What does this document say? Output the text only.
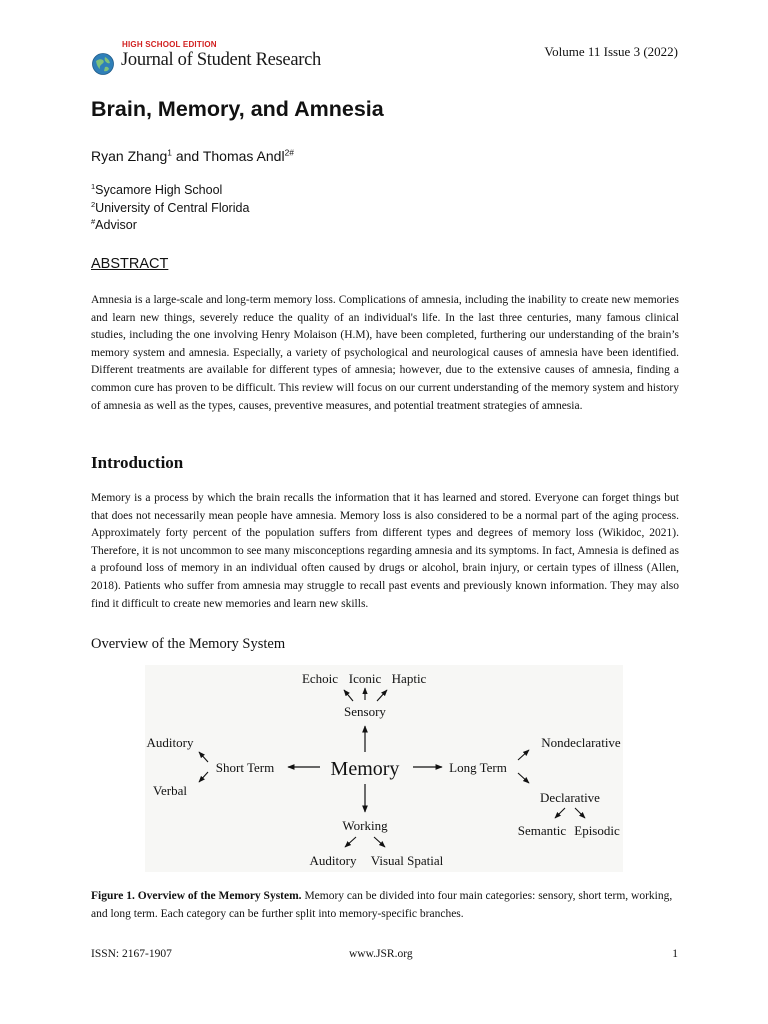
HIGH SCHOOL EDITION
Journal of Student Research	Volume 11 Issue 3 (2022)
Brain, Memory, and Amnesia
Ryan Zhang$^1$ and Thomas Andl$^{2\#}$
$^1$Sycamore High School
$^2$University of Central Florida
#Advisor
ABSTRACT
Amnesia is a large-scale and long-term memory loss. Complications of amnesia, including the inability to create new memories and learn new things, severely reduce the quality of an individual's life. In the last three centuries, many famous clinical studies, including the one involving Henry Molaison (H.M), have been completed, furthering our understanding of the brain’s memory system and amnesia. Especially, a variety of psychological and neurological causes of amnesia have been identified. Different treatments are available for different types of amnesia; however, due to the extensive causes of amnesia, finding a common cure has proven to be difficult. This review will focus on our current understanding of the memory system and history of amnesia as well as the types, causes, preventive measures, and potential treatment strategies of amnesia.
Introduction
Memory is a process by which the brain recalls the information that it has learned and stored. Everyone can forget things but that does not necessarily mean people have amnesia. Memory loss is also considered to be a normal part of the aging process. Approximately forty percent of the population suffers from different types and degrees of memory loss (Wikidoc, 2021). Therefore, it is not uncommon to see many misconceptions regarding amnesia and its symptoms. In fact, Amnesia is defined as a profound loss of memory in an individual often caused by drugs or alcohol, brain injury, or certain types of illness (Allen, 2018). Patients who suffer from amnesia may struggle to recall past events and previously known information. They may also find it difficult to create new memories and learn new skills.
Overview of the Memory System
Memory
Sensory
Echoic Iconic Haptic
Short Term
Auditory
Verbal
Long Term
Nondeclarative
Declarative
Semantic Episodic
Working
Auditory Visual Spatial
Figure 1. Overview of the Memory System. Memory can be divided into four main categories: sensory, short term, working, and long term. Each category can be further split into memory-specific branches.
ISSN: 2167-1907	www.JSR.org	1
